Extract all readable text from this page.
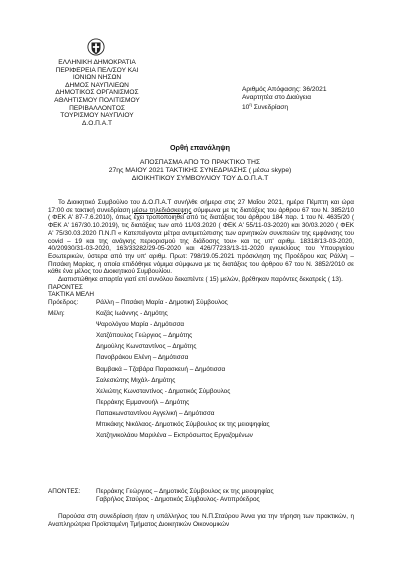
ΕΛΛΗΝΙΚΗ ΔΗΜΟΚΡΑΤΙΑ
ΠΕΡΙΦΕΡΕΙΑ ΠΕΛ/ΣΟΥ ΚΑΙ
ΙΟΝΙΩΝ ΝΗΣΩΝ
ΔΗΜΟΣ ΝΑΥΠΛΙΕΩΝ
ΔΗΜΟΤΙΚΟΣ ΟΡΓΑΝΙΣΜΟΣ
ΑΘΛΗΤΙΣΜΟΥ ΠΟΛΙΤΙΣΜΟΥ
ΠΕΡΙΒΑΛΛΟΝΤΟΣ
ΤΟΥΡΙΣΜΟΥ ΝΑΥΠΛΙΟΥ
Δ.Ο.Π.Α.Τ
Αριθμός Απόφασης: 36/2021
Αναρτητέα στο Διαύγεια
$10^\eta$ Συνεδρίαση
Ορθή επανάληψη
ΑΠΟΣΠΑΣΜΑ ΑΠΟ ΤΟ ΠΡΑΚΤΙΚΟ ΤΗΣ
27ης ΜΑΙΟΥ 2021 ΤΑΚΤΙΚΗΣ ΣΥΝΕΔΡΙΑΣΗΣ ( μέσω skype)
ΔΙΟΙΚΗΤΙΚΟΥ ΣΥΜΒΟΥΛΙΟΥ ΤΟΥ Δ.Ο.Π.Α.Τ
Το Διοικητικό Συμβούλιο του Δ.Ο.Π.Α.Τ συνήλθε σήμερα στις 27 Μαΐου 2021, ημέρα Πέμπτη και ώρα 17:00 σε τακτική συνεδρίαση μέσω τηλεδιάσκεψης σύμφωνα με τις διατάξεις του άρθρου 67 του Ν. 3852/10 ( ΦΕΚ Α' 87-7.6.2010), όπως έχει τροποποιηθεί από τις διατάξεις του άρθρου 184 παρ. 1 του Ν. 4635/20 ( ΦΕΚ Α' 167/30.10.2019), τις διατάξεις των από 11/03.2020 ( ΦΕΚ Α' 55/11-03-2020) και 30/03.2020 ( ΦΕΚ Α' 75/30.03.2020 Π.Ν.Π « Κατεπείγοντα μέτρα αντιμετώπισης των αρνητικών συνεπειών της εμφάνισης του covid – 19 και της ανάγκης περιορισμού της διάδοσης του» και τις υπ' αριθμ. 18318/13-03-2020, 40/20930/31-03-2020, 163/33282/29-05-2020 και 426/77233/13-11-2020 εγκυκλίους του Υπουργείου Εσωτερικών, ύστερα από την υπ' αριθμ. Πρωτ: 798/19.05.2021 πρόσκληση της Προέδρου κας Ράλλη – Πιτσάκη Μαρίας, η οποία επιδόθηκε νόμιμα σύμφωνα με τις διατάξεις του άρθρου 67 του Ν. 3852/2010 σε κάθε ένα μέλος του Διοικητικού Συμβουλίου.
Διαπιστώθηκε απαρτία γιατί επί συνόλου δεκαπέντε ( 15) μελών, βρέθηκαν παρόντες δεκατρείς ( 13).
ΠΑΡΟΝΤΕΣ
ΤΑΚΤΙΚΑ ΜΕΛΗ
Πρόεδρος:	Ράλλη – Πιτσάκη Μαρία - Δημοτική Σύμβουλος
Μέλη:	Καζάς Ιωάννης - Δημότης
Ψαρολόγου Μαρία - Δημότισσα
Χατζόπουλος Γεώργιος – Δημότης
Δημούλης Κωνσταντίνος – Δημότης
Πανοβράκου Ελένη – Δημότισσα
Βαμβακά – Τζαβάρα Παρασκευή – Δημότισσα
Σαλεσιώτης Μιχάλ- Δημότης
Χελιώτης Κωνσταντίνος - Δημοτικός Σύμβουλος
Περράκης Εμμανουήλ – Δημότης
Παπακωνσταντίνου Αγγελική – Δημότισσα
Μπικάκης Νικόλαος- Δημοτικός Σύμβουλος εκ της μειοψηφίας
Χατζηνικολάου Μαριλένα – Εκπρόσωπος Εργαζομένων
ΑΠΟΝΤΕΣ:	Περράκης Γεώργιος – Δημοτικός Σύμβουλος εκ της μειοψηφίας
Γαβρήλος Σταύρος - Δημοτικός Σύμβουλος- Αντιπρόεδρος
Παρούσα στη συνεδρίαση ήταν η υπάλληλος του Ν.Π.Σταύρου Άννα για την τήρηση των πρακτικών, η Αναπληρώτρια Προϊσταμένη Τμήματος Διοικητικών Οικονομικών
